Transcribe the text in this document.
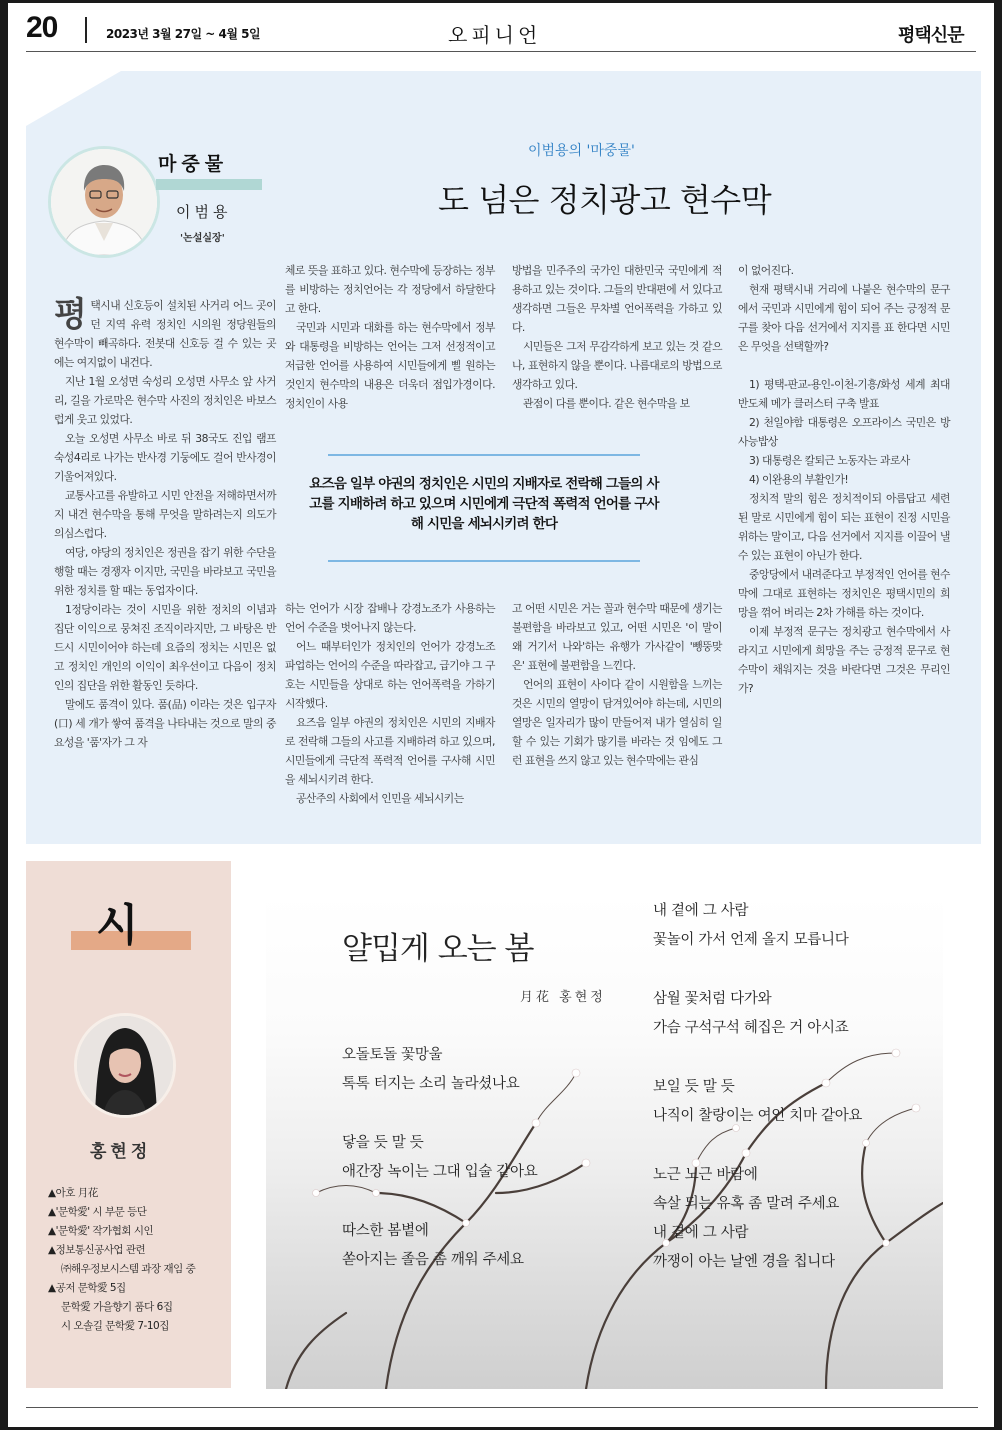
20	2023년 3월 27일 ~ 4월 5일	오피니언	평택신문
마중물
이범용
'논설실장'
이범용의 '마중물'
도 넘은 정치광고 현수막

평택시내 신호등이 설치된 사거리 어느 곳이던 지역 유력 정치인 시의원 정당원들의 현수막이 빼곡하다. 전봇대 신호등 걸 수 있는 곳에는 여지없이 내건다.

지난 1월 오성면 숙성리 오성면 사무소 앞 사거리, 길을 가로막은 현수막 사진의 정치인은 바보스럽게 웃고 있었다.

오늘 오성면 사무소 바로 뒤 38국도 진입 램프 숙성4리로 나가는 반사경 기둥에도 걸어 반사경이 기울어져있다.

교통사고를 유발하고 시민 안전을 저해하면서까지 내건 현수막을 통해 무엇을 말하려는지 의도가 의심스럽다.

여당, 야당의 정치인은 정권을 잡기 위한 수단을 행할 때는 경쟁자 이지만, 국민을 바라보고 국민을 위한 정치를 할 때는 동업자이다.

1정당이라는 것이 시민을 위한 정치의 이념과 집단 이익으로 뭉쳐진 조직이라지만, 그 바탕은 반드시 시민이어야 하는데 요즘의 정치는 시민은 없고 정치인 개인의 이익이 최우선이고 다음이 정치인의 집단을 위한 활동인 듯하다.

말에도 품격이 있다. 품(品) 이라는 것은 입구자(口) 세 개가 쌓여 품격을 나타내는 것으로 말의 중요성을 '품'자가 그 자

체로 뜻을 표하고 있다. 현수막에 등장하는 정부를 비방하는 정치언어는 각 정당에서 하달한다고 한다.

국민과 시민과 대화를 하는 현수막에서 정부와 대통령을 비방하는 언어는 그저 선정적이고 저급한 언어를 사용하여 시민들에게 삘 원하는 것인지 현수막의 내용은 더욱더 점입가경이다. 정치인이 사용

방법을 민주주의 국가인 대한민국 국민에게 적용하고 있는 것이다. 그들의 반대편에 서 있다고 생각하면 그들은 무차별 언어폭력을 가하고 있다.

시민들은 그저 무감각하게 보고 있는 것 같으나, 표현하지 않을 뿐이다. 나름대로의 방법으로 생각하고 있다.

관점이 다를 뿐이다. 같은 현수막을 보

요즈음 일부 야권의 정치인은 시민의 지배자로 전락해 그들의 사고를 지배하려 하고 있으며 시민에게 극단적 폭력적 언어를 구사해 시민을 세뇌시키려 한다

하는 언어가 시장 잡배나 강경노조가 사용하는 언어 수준을 벗어나지 않는다.

어느 때부터인가 정치인의 언어가 강경노조 파업하는 언어의 수준을 따라잡고, 급기야 그 구호는 시민들을 상대로 하는 언어폭력을 가하기 시작했다.

요즈음 일부 야권의 정치인은 시민의 지배자로 전락해 그들의 사고를 지배하려 하고 있으며, 시민들에게 극단적 폭력적 언어를 구사해 시민을 세뇌시키려 한다.

공산주의 사회에서 인민을 세뇌시키는

고 어떤 시민은 거는 꼴과 현수막 때문에 생기는 불편함을 바라보고 있고, 어떤 시민은 '이 말이 왜 거기서 나와'하는 유행가 가사같이 '뺑뚱맞은' 표현에 불편함을 느낀다.

언어의 표현이 사이다 같이 시원함을 느끼는 것은 시민의 열망이 담겨있어야 하는데, 시민의 열망은 일자리가 많이 만들어져 내가 열심히 일할 수 있는 기회가 많기를 바라는 것 임에도 그런 표현을 쓰지 않고 있는 현수막에는 관심

이 없어진다.

현재 평택시내 거리에 나붙은 현수막의 문구에서 국민과 시민에게 힘이 되어 주는 긍정적 문구를 찾아 다음 선거에서 지지를 표 한다면 시민은 무엇을 선택할까?

1) 평택-판교-용인-이천-기흥/화성 세계 최대 반도체 메가 클러스터 구축 발표

2) 천일야함 대통령은 오프라이스 국민은 방사능밥상

3) 대통령은 칼퇴근 노동자는 과로사

4) 이완용의 부활인가!

정치적 말의 힘은 정치적이되 아름답고 세련된 말로 시민에게 힘이 되는 표현이 진정 시민을 위하는 말이고, 다음 선거에서 지지를 이끌어 낼 수 있는 표현이 아닌가 한다.

중앙당에서 내려준다고 부정적인 언어를 현수막에 그대로 표현하는 정치인은 평택시민의 희망을 꺾어 버리는 2차 가해를 하는 것이다.

이제 부정적 문구는 정치광고 현수막에서 사라지고 시민에게 희망을 주는 긍정적 문구로 현수막이 채워지는 것을 바란다면 그것은 무리인가?

시
홍현정
▲아호 月花
▲'문학愛' 시 부문 등단
▲'문학愛' 작가협회 시인
▲정보통신공사업 관련
㈜해우정보시스템 과장 재임 중
▲공저 문학愛 5집
문학愛 가을향기 품다 6집
시 오솔길 문학愛 7-10집
얄밉게 오는 봄
月花 홍현정
오돌토돌 꽃망울
톡톡 터지는 소리 놀라셨나요
닿을 듯 말 듯
애간장 녹이는 그대 입술 같아요
따스한 봄볕에
쏟아지는 졸음 좀 깨워 주세요
내 곁에 그 사람
꽃놀이 가서 언제 올지 모릅니다
삼월 꽃처럼 다가와
가슴 구석구석 헤집은 거 아시죠
보일 듯 말 듯
나직이 찰랑이는 여인 치마 같아요
노근 노근 바람에
속살 되는 유혹 좀 말려 주세요
내 곁에 그 사람
까쟁이 아는 날엔 경을 칩니다
